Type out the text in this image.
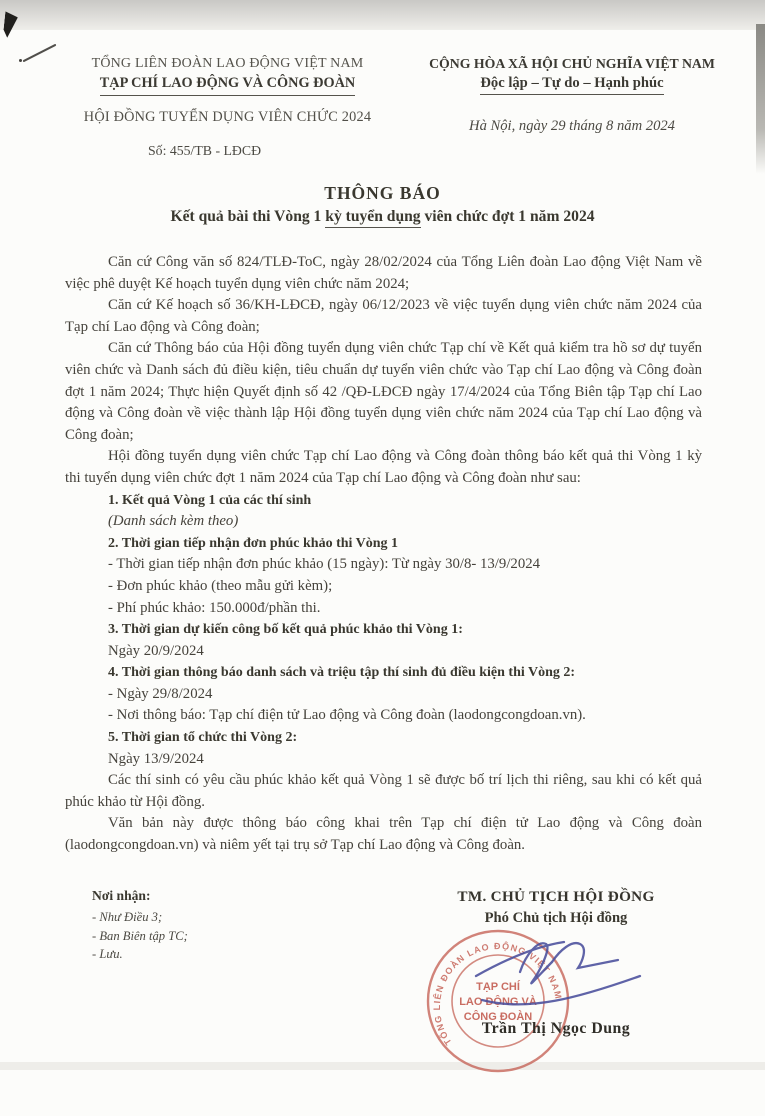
TỔNG LIÊN ĐOÀN LAO ĐỘNG VIỆT NAM
TẠP CHÍ LAO ĐỘNG VÀ CÔNG ĐOÀN
HỘI ĐỒNG TUYỂN DỤNG VIÊN CHỨC 2024
Số: 455/TB - LĐCĐ
CỘNG HÒA XÃ HỘI CHỦ NGHĨA VIỆT NAM
Độc lập – Tự do – Hạnh phúc
Hà Nội, ngày 29 tháng 8 năm 2024
THÔNG BÁO
Kết quả bài thi Vòng 1 kỳ tuyển dụng viên chức đợt 1 năm 2024

Căn cứ Công văn số 824/TLĐ-ToC, ngày 28/02/2024 của Tổng Liên đoàn Lao động Việt Nam về việc phê duyệt Kế hoạch tuyển dụng viên chức năm 2024;

Căn cứ Kế hoạch số 36/KH-LĐCĐ, ngày 06/12/2023 về việc tuyển dụng viên chức năm 2024 của Tạp chí Lao động và Công đoàn;

Căn cứ Thông báo của Hội đồng tuyển dụng viên chức Tạp chí về Kết quả kiểm tra hồ sơ dự tuyển viên chức và Danh sách đủ điều kiện, tiêu chuẩn dự tuyển viên chức vào Tạp chí Lao động và Công đoàn đợt 1 năm 2024; Thực hiện Quyết định số 42 /QĐ-LĐCĐ ngày 17/4/2024 của Tổng Biên tập Tạp chí Lao động và Công đoàn về việc thành lập Hội đồng tuyển dụng viên chức năm 2024 của Tạp chí Lao động và Công đoàn;

Hội đồng tuyển dụng viên chức Tạp chí Lao động và Công đoàn thông báo kết quả thi Vòng 1 kỳ thi tuyển dụng viên chức đợt 1 năm 2024 của Tạp chí Lao động và Công đoàn như sau:

1. Kết quả Vòng 1 của các thí sinh

(Danh sách kèm theo)

2. Thời gian tiếp nhận đơn phúc khảo thi Vòng 1

- Thời gian tiếp nhận đơn phúc khảo (15 ngày): Từ ngày 30/8- 13/9/2024

- Đơn phúc khảo (theo mẫu gửi kèm);

- Phí phúc khảo: 150.000đ/phần thi.

3. Thời gian dự kiến công bố kết quả phúc khảo thi Vòng 1:

Ngày 20/9/2024

4. Thời gian thông báo danh sách và triệu tập thí sinh đủ điều kiện thi Vòng 2:

- Ngày 29/8/2024

- Nơi thông báo: Tạp chí điện tử Lao động và Công đoàn (laodongcongdoan.vn).

5. Thời gian tổ chức thi Vòng 2:

Ngày 13/9/2024

Các thí sinh có yêu cầu phúc khảo kết quả Vòng 1 sẽ được bố trí lịch thi riêng, sau khi có kết quả phúc khảo từ Hội đồng.

Văn bản này được thông báo công khai trên Tạp chí điện tử Lao động và Công đoàn (laodongcongdoan.vn) và niêm yết tại trụ sở Tạp chí Lao động và Công đoàn.

Nơi nhận:

- Như Điều 3;
- Ban Biên tập TC;
- Lưu.
TM. CHỦ TỊCH HỘI ĐỒNG
Phó Chủ tịch Hội đồng
TỔNG LIÊN ĐOÀN LAO ĐỘNG VIỆT NAM
TẠP CHÍ
LAO ĐỘNG VÀ
CÔNG ĐOÀN
Trần Thị Ngọc Dung
